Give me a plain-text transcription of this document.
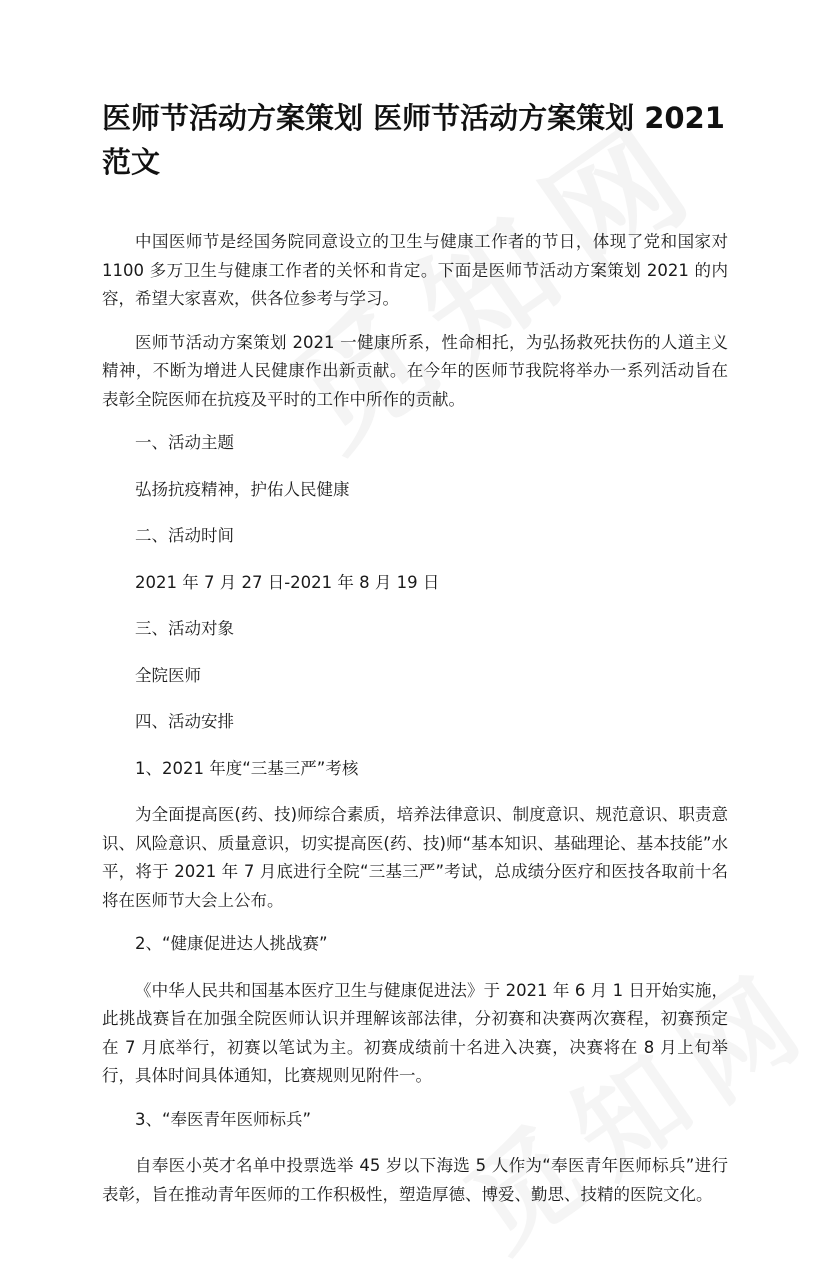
医师节活动方案策划 医师节活动方案策划 2021 范文

中国医师节是经国务院同意设立的卫生与健康工作者的节日，体现了党和国家对 1100 多万卫生与健康工作者的关怀和肯定。下面是医师节活动方案策划 2021 的内容，希望大家喜欢，供各位参考与学习。

医师节活动方案策划 2021 一健康所系，性命相托，为弘扬救死扶伤的人道主义精神，不断为增进人民健康作出新贡献。在今年的医师节我院将举办一系列活动旨在表彰全院医师在抗疫及平时的工作中所作的贡献。

一、活动主题

弘扬抗疫精神，护佑人民健康

二、活动时间

2021 年 7 月 27 日-2021 年 8 月 19 日

三、活动对象

全院医师

四、活动安排

1、2021 年度“三基三严”考核

为全面提高医(药、技)师综合素质，培养法律意识、制度意识、规范意识、职责意识、风险意识、质量意识，切实提高医(药、技)师“基本知识、基础理论、基本技能”水平，将于 2021 年 7 月底进行全院“三基三严”考试，总成绩分医疗和医技各取前十名将在医师节大会上公布。

2、“健康促进达人挑战赛”

《中华人民共和国基本医疗卫生与健康促进法》于 2021 年 6 月 1 日开始实施，此挑战赛旨在加强全院医师认识并理解该部法律，分初赛和决赛两次赛程，初赛预定在 7 月底举行，初赛以笔试为主。初赛成绩前十名进入决赛，决赛将在 8 月上旬举行，具体时间具体通知，比赛规则见附件一。

3、“奉医青年医师标兵”

自奉医小英才名单中投票选举 45 岁以下海选 5 人作为“奉医青年医师标兵”进行表彰，旨在推动青年医师的工作积极性，塑造厚德、博爱、勤思、技精的医院文化。
